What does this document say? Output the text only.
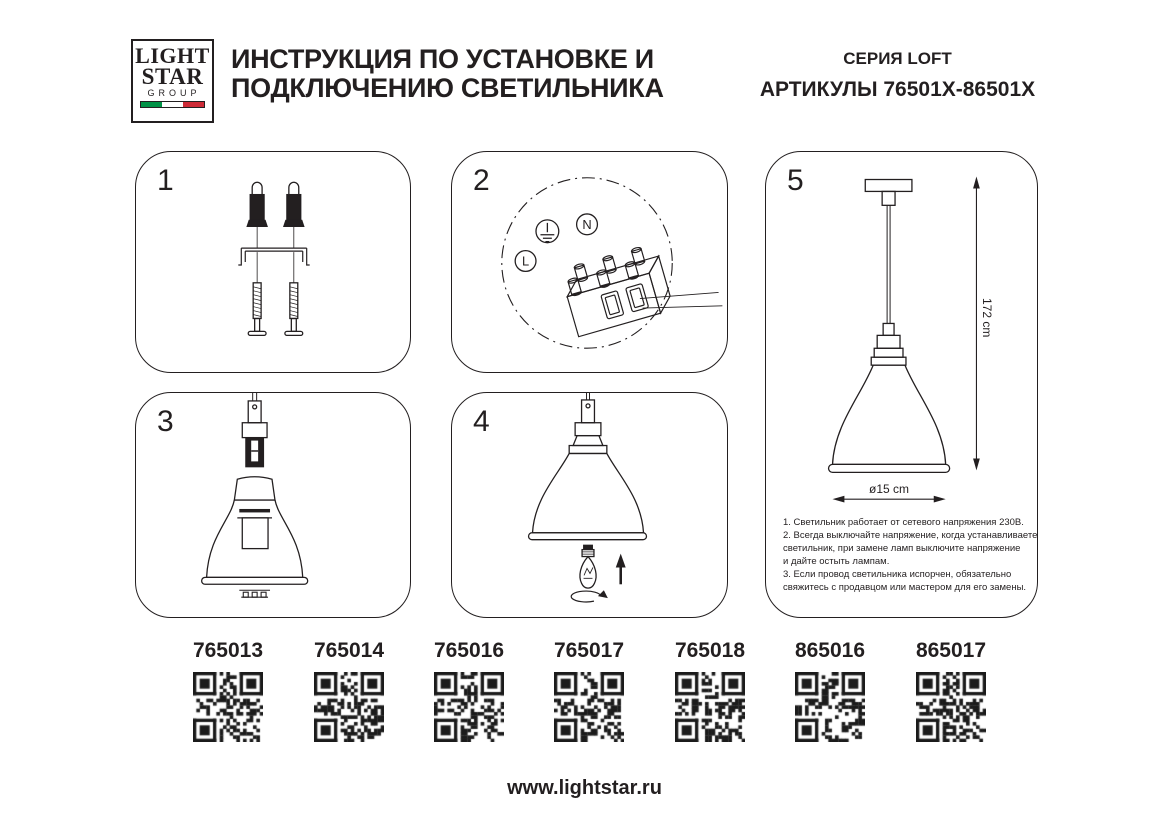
LIGHT
STAR
GROUP
ИНСТРУКЦИЯ ПО УСТАНОВКЕ И
ПОДКЛЮЧЕНИЮ СВЕТИЛЬНИКА
СЕРИЯ LOFT
АРТИКУЛЫ 76501X-86501X
1	2
N
L
3	4
5
172 cm
ø15 cm
1. Светильник работает от сетевого напряжения 230В.
2. Всегда выключайте напряжение, когда устанавливаете
светильник, при замене ламп выключите напряжение
и дайте остыть лампам.
3. Если провод светильника испорчен, обязательно
свяжитесь с продавцом или мастером для его замены.
765013	765014	765016	765017	765018	865016	865017
www.lightstar.ru
